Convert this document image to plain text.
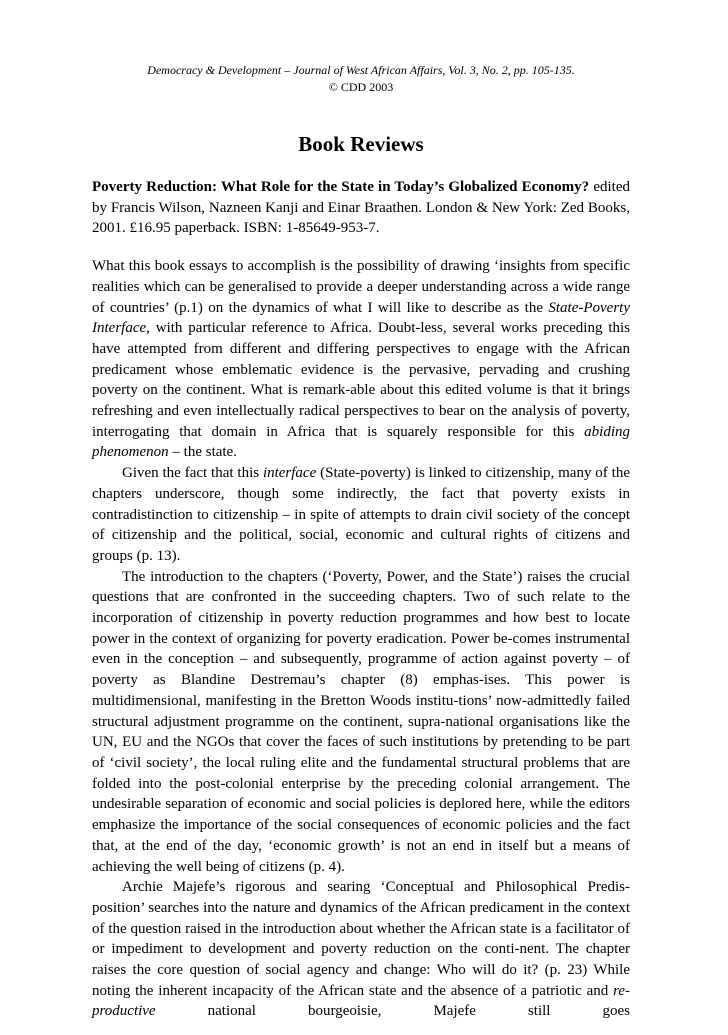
Democracy & Development – Journal of West African Affairs, Vol. 3, No. 2, pp. 105-135.
© CDD 2003
Book Reviews
Poverty Reduction: What Role for the State in Today’s Globalized Economy? edited by Francis Wilson, Nazneen Kanji and Einar Braathen. London & New York: Zed Books, 2001. £16.95 paperback. ISBN: 1-85649-953-7.

What this book essays to accomplish is the possibility of drawing ‘insights from specific realities which can be generalised to provide a deeper understanding across a wide range of countries’ (p.1) on the dynamics of what I will like to describe as the State-Poverty Interface, with particular reference to Africa. Doubt-less, several works preceding this have attempted from different and differing perspectives to engage with the African predicament whose emblematic evidence is the pervasive, pervading and crushing poverty on the continent. What is remark-able about this edited volume is that it brings refreshing and even intellectually radical perspectives to bear on the analysis of poverty, interrogating that domain in Africa that is squarely responsible for this abiding phenomenon – the state.

Given the fact that this interface (State-poverty) is linked to citizenship, many of the chapters underscore, though some indirectly, the fact that poverty exists in contradistinction to citizenship – in spite of attempts to drain civil society of the concept of citizenship and the political, social, economic and cultural rights of citizens and groups (p. 13).

The introduction to the chapters (‘Poverty, Power, and the State’) raises the crucial questions that are confronted in the succeeding chapters. Two of such relate to the incorporation of citizenship in poverty reduction programmes and how best to locate power in the context of organizing for poverty eradication. Power be-comes instrumental even in the conception – and subsequently, programme of action against poverty – of poverty as Blandine Destremau’s chapter (8) emphas-ises. This power is multidimensional, manifesting in the Bretton Woods institu-tions’ now-admittedly failed structural adjustment programme on the continent, supra-national organisations like the UN, EU and the NGOs that cover the faces of such institutions by pretending to be part of ‘civil society’, the local ruling elite and the fundamental structural problems that are folded into the post-colonial enterprise by the preceding colonial arrangement. The undesirable separation of economic and social policies is deplored here, while the editors emphasize the importance of the social consequences of economic policies and the fact that, at the end of the day, ‘economic growth’ is not an end in itself but a means of achieving the well being of citizens (p. 4).

Archie Majefe’s rigorous and searing ‘Conceptual and Philosophical Predis-position’ searches into the nature and dynamics of the African predicament in the context of the question raised in the introduction about whether the African state is a facilitator of or impediment to development and poverty reduction on the conti-nent. The chapter raises the core question of social agency and change: Who will do it? (p. 23) While noting the inherent incapacity of the African state and the absence of a patriotic and re-productive national bourgeoisie, Majefe still goes
